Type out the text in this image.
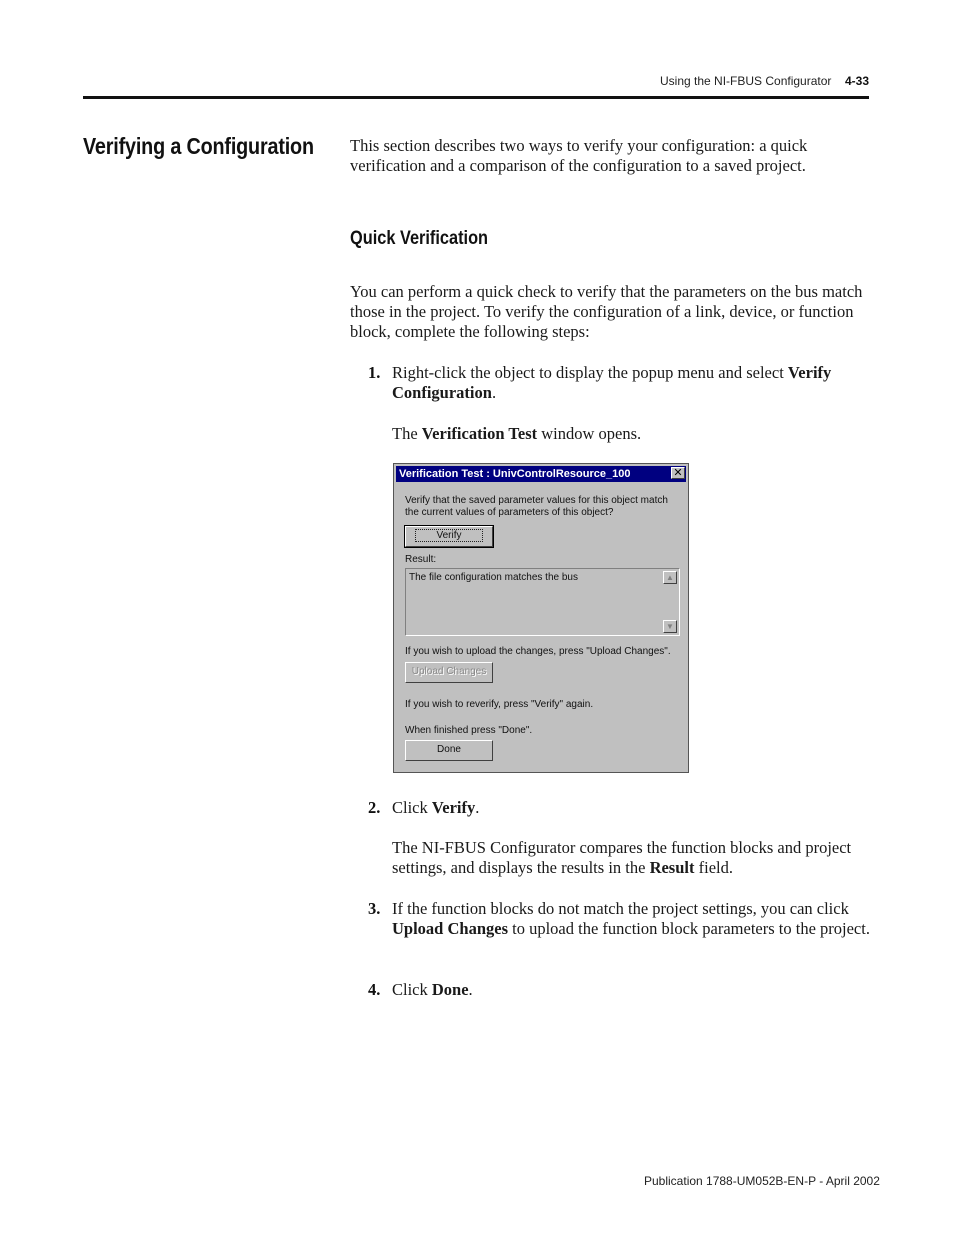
Using the NI-FBUS Configurator 4-33
Verifying a Configuration This section describes two ways to verify your configuration: a quick verification and a comparison of the configuration to a saved project.
Quick Verification
You can perform a quick check to verify that the parameters on the bus match those in the project. To verify the configuration of a link, device, or function block, complete the following steps:
1. Right-click the object to display the popup menu and select Verify Configuration.
The Verification Test window opens.
Verification Test : UnivControlResource_100	✕
Verify that the saved parameter values for this object match the current values of parameters of this object?
Verify
Result:
The file configuration matches the bus	▲
▼
If you wish to upload the changes, press "Upload Changes".
Upload Changes
If you wish to reverify, press "Verify" again.
When finished press "Done".
Done
2. Click Verify.
The NI-FBUS Configurator compares the function blocks and project settings, and displays the results in the Result field.
3. If the function blocks do not match the project settings, you can click Upload Changes to upload the function block parameters to the project.
4. Click Done.
Publication 1788-UM052B-EN-P - April 2002
